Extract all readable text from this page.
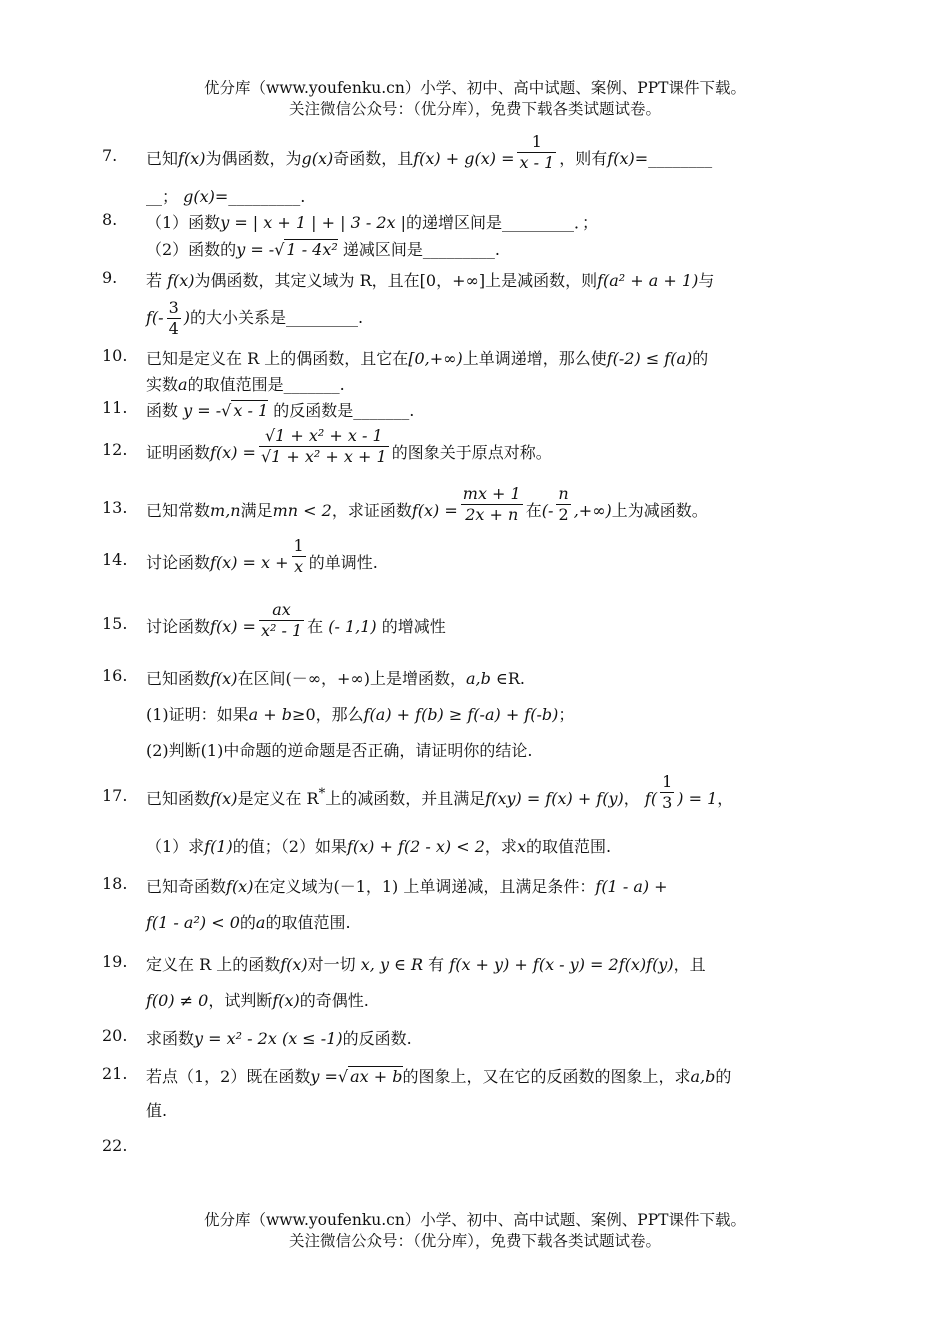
优分库（www.youfenku.cn）小学、初中、高中试题、案例、PPT课件下载。
关注微信公众号：（优分库），免费下载各类试题试卷。
7.	已知f(x)为偶函数，为g(x)奇函数，且$f(x) + g(x) = \frac{1}{x - 1}$ ，则有f(x)=________
__； g(x)=_________.
8.	（1）函数y = | x + 1 | + | 3 - 2x |的递增区间是_________．；
（2）函数的y = -√ 1 - 4x² 递减区间是_________.
9.	若 f(x)为偶函数，其定义域为 R，且在[0，+∞]上是减函数，则f(a² + a + 1)与
$f(- \frac{3}{4}$ )的大小关系是_________.
10.	已知是定义在 R 上的偶函数，且它在[0,+∞)上单调递增，那么使f(-2) ≤ f(a)的
实数a的取值范围是_______.
11.	函数 y = -√ x - 1 的反函数是_______.
12.	证明函数$f(x) = \frac{\text{√1 + x² + x - 1}}{\text{√1 + x² + x + 1}}$ 的图象关于原点对称。
13.	已知常数m,n满足mn < 2，求证函数$f(x) = \frac{mx + 1}{2x + n}$ 在(- $\frac{n}{2}$ ,+∞)上为减函数。
14.	讨论函数$f(x) = x + \frac{1}{x}$ 的单调性.
15.	讨论函数$f(x) = \frac{ax}{\text{x² - 1}}$ 在 (- 1,1) 的增减性
16.	已知函数f(x)在区间(－∞，+∞)上是增函数，a,b ∈R.
(1)证明：如果a + b≥0，那么f(a) + f(b) ≥ f(-a) + f(-b)；
(2)判断(1)中命题的逆命题是否正确，请证明你的结论.
17.	已知函数f(x)是定义在 R*上的减函数，并且满足f(xy) = f(x) + f(y)， $f( \frac{1}{3}$ ) = 1，
（1）求f(1)的值；（2）如果f(x) + f(2 - x) < 2，求x的取值范围.
18.	已知奇函数f(x)在定义域为(－1，1) 上单调递减，且满足条件：f(1 - a) +
f(1 - a²) < 0的a的取值范围.
19.	定义在 R 上的函数f(x)对一切 x, y ∈ R 有 f(x + y) + f(x - y) = 2f(x)f(y)，且
f(0) ≠ 0，试判断f(x)的奇偶性.
20.	求函数y = x² - 2x (x ≤ -1)的反函数.
21.	若点（1，2）既在函数y =√ ax + b的图象上，又在它的反函数的图象上，求a,b的
值.
22.
优分库（www.youfenku.cn）小学、初中、高中试题、案例、PPT课件下载。
关注微信公众号：（优分库），免费下载各类试题试卷。
